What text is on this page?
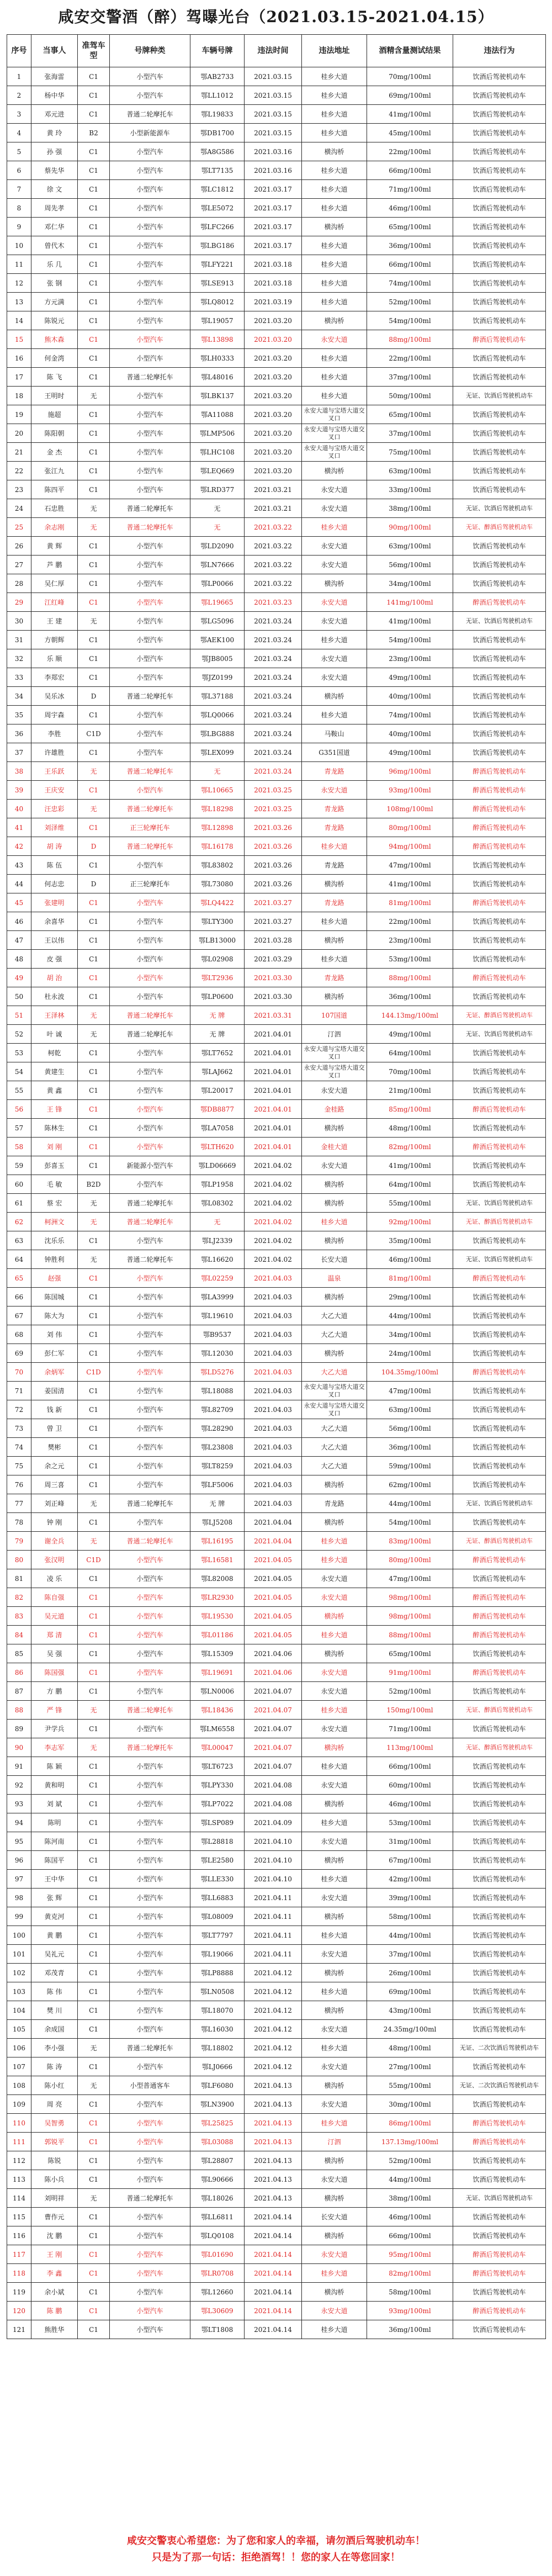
咸安交警酒（醉）驾曝光台（2021.03.15-2021.04.15）
序号	当事人	准驾车型	号牌种类	车辆号牌	违法时间	违法地址	酒精含量测试结果	违法行为
1	张海雷	C1	小型汽车	鄂AB2733	2021.03.15	桂乡大道	70mg/100ml	饮酒后驾驶机动车
2	杨中华	C1	小型汽车	鄂LL1012	2021.03.15	桂乡大道	69mg/100ml	饮酒后驾驶机动车
3	邓元进	C1	普通二轮摩托车	鄂L19833	2021.03.15	桂乡大道	41mg/100ml	饮酒后驾驶机动车
4	黄 玲	B2	小型新能源车	鄂DB1700	2021.03.15	桂乡大道	45mg/100ml	饮酒后驾驶机动车
5	孙 强	C1	小型汽车	鄂A8G586	2021.03.16	横沟桥	22mg/100ml	饮酒后驾驶机动车
6	蔡先华	C1	小型汽车	鄂LT7135	2021.03.16	桂乡大道	66mg/100ml	饮酒后驾驶机动车
7	徐 文	C1	小型汽车	鄂LC1812	2021.03.17	桂乡大道	71mg/100ml	饮酒后驾驶机动车
8	周先孝	C1	小型汽车	鄂LE5072	2021.03.17	桂乡大道	46mg/100ml	饮酒后驾驶机动车
9	邓仁华	C1	小型汽车	鄂LFC266	2021.03.17	横沟桥	65mg/100ml	饮酒后驾驶机动车
10	曾代木	C1	小型汽车	鄂LBG186	2021.03.17	桂乡大道	36mg/100ml	饮酒后驾驶机动车
11	乐 几	C1	小型汽车	鄂LFY221	2021.03.18	桂乡大道	66mg/100ml	饮酒后驾驶机动车
12	张 钢	C1	小型汽车	鄂LSE913	2021.03.18	桂乡大道	74mg/100ml	饮酒后驾驶机动车
13	方元满	C1	小型汽车	鄂LQ8012	2021.03.19	桂乡大道	52mg/100ml	饮酒后驾驶机动车
14	陈锐元	C1	小型汽车	鄂L19057	2021.03.20	横沟桥	54mg/100ml	饮酒后驾驶机动车
15	熊木森	C1	小型汽车	鄂L13898	2021.03.20	永安大道	88mg/100ml	醉酒后驾驶机动车
16	何金湾	C1	小型汽车	鄂LH0333	2021.03.20	桂乡大道	22mg/100ml	饮酒后驾驶机动车
17	陈 飞	C1	普通二轮摩托车	鄂L48016	2021.03.20	桂乡大道	37mg/100ml	饮酒后驾驶机动车
18	王明时	无	小型汽车	鄂LBK137	2021.03.20	桂乡大道	50mg/100ml	无证、饮酒后驾驶机动车
19	施超	C1	小型汽车	鄂A11088	2021.03.20	永安大道与宝塔大道交叉口	65mg/100ml	饮酒后驾驶机动车
20	陈阳朝	C1	小型汽车	鄂LMP506	2021.03.20	永安大道与宝塔大道交叉口	37mg/100ml	饮酒后驾驶机动车
21	金 杰	C1	小型汽车	鄂LHC108	2021.03.20	永安大道与宝塔大道交叉口	75mg/100ml	饮酒后驾驶机动车
22	张江九	C1	小型汽车	鄂LEQ669	2021.03.20	横沟桥	63mg/100ml	饮酒后驾驶机动车
23	陈四平	C1	小型汽车	鄂LRD377	2021.03.21	永安大道	33mg/100ml	饮酒后驾驶机动车
24	石忠胜	无	普通二轮摩托车	无	2021.03.21	永安大道	38mg/100ml	无证、饮酒后驾驶机动车
25	余志刚	无	普通二轮摩托车	无	2021.03.22	桂乡大道	90mg/100ml	无证、醉酒后驾驶机动车
26	黄 辉	C1	小型汽车	鄂LD2090	2021.03.22	永安大道	63mg/100ml	饮酒后驾驶机动车
27	芦 鹏	C1	小型汽车	鄂LN7666	2021.03.22	永安大道	56mg/100ml	饮酒后驾驶机动车
28	吴仁厚	C1	小型汽车	鄂LP0066	2021.03.22	横沟桥	34mg/100ml	饮酒后驾驶机动车
29	江红峰	C1	小型汽车	鄂L19665	2021.03.23	永安大道	141mg/100ml	醉酒后驾驶机动车
30	王 建	无	小型汽车	鄂LG5096	2021.03.24	永安大道	41mg/100ml	无证、饮酒后驾驶机动车
31	方朝辉	C1	小型汽车	鄂AEK100	2021.03.24	桂乡大道	54mg/100ml	饮酒后驾驶机动车
32	乐 顺	C1	小型汽车	鄂JB8005	2021.03.24	永安大道	23mg/100ml	饮酒后驾驶机动车
33	李郑宏	C1	小型汽车	鄂JZ0199	2021.03.24	永安大道	49mg/100ml	饮酒后驾驶机动车
34	吴乐冰	D	普通二轮摩托车	鄂L37188	2021.03.24	横沟桥	40mg/100ml	饮酒后驾驶机动车
35	周宇森	C1	小型汽车	鄂LQ0066	2021.03.24	桂乡大道	74mg/100ml	饮酒后驾驶机动车
36	李胜	C1D	小型汽车	鄂LBG888	2021.03.24	马鞍山	40mg/100ml	饮酒后驾驶机动车
37	许雄胜	C1	小型汽车	鄂LEX099	2021.03.24	G351国道	49mg/100ml	饮酒后驾驶机动车
38	王乐跃	无	普通二轮摩托车	无	2021.03.24	青龙路	96mg/100ml	醉酒后驾驶机动车
39	王庆安	C1	小型汽车	鄂L10665	2021.03.25	永安大道	93mg/100ml	醉酒后驾驶机动车
40	汪忠彩	无	普通二轮摩托车	鄂L18298	2021.03.25	青龙路	108mg/100ml	醉酒后驾驶机动车
41	刘泽维	C1	正三轮摩托车	鄂L12898	2021.03.26	青龙路	80mg/100ml	醉酒后驾驶机动车
42	胡 涛	D	普通二轮摩托车	鄂L16178	2021.03.26	桂乡大道	94mg/100ml	醉酒后驾驶机动车
43	陈 伍	C1	小型汽车	鄂L83802	2021.03.26	青龙路	47mg/100ml	饮酒后驾驶机动车
44	何志忠	D	正三轮摩托车	鄂L73080	2021.03.26	横沟桥	41mg/100ml	饮酒后驾驶机动车
45	张建明	C1	小型汽车	鄂LQ4422	2021.03.27	青龙路	81mg/100ml	醉酒后驾驶机动车
46	余喜华	C1	小型汽车	鄂LTY300	2021.03.27	桂乡大道	22mg/100ml	饮酒后驾驶机动车
47	王以伟	C1	小型汽车	鄂LB13000	2021.03.28	横沟桥	23mg/100ml	饮酒后驾驶机动车
48	皮 强	C1	小型汽车	鄂L02908	2021.03.29	桂乡大道	53mg/100ml	饮酒后驾驶机动车
49	胡 治	C1	小型汽车	鄂LT2936	2021.03.30	青龙路	88mg/100ml	醉酒后驾驶机动车
50	杜永波	C1	小型汽车	鄂LP0600	2021.03.30	横沟桥	36mg/100ml	饮酒后驾驶机动车
51	王泽林	无	普通二轮摩托车	无 牌	2021.03.31	107国道	144.13mg/100ml	无证、醉酒后驾驶机动车
52	叶 诚	无	普通二轮摩托车	无 牌	2021.04.01	汀泗	49mg/100ml	无证、饮酒后驾驶机动车
53	柯乾	C1	小型汽车	鄂LT7652	2021.04.01	永安大道与宝塔大道交叉口	64mg/100ml	饮酒后驾驶机动车
54	黄建生	C1	小型汽车	鄂LAJ662	2021.04.01	永安大道与宝塔大道交叉口	70mg/100ml	饮酒后驾驶机动车
55	黄 鑫	C1	小型汽车	鄂L20017	2021.04.01	永安大道	21mg/100ml	饮酒后驾驶机动车
56	王 锋	C1	小型汽车	鄂DB8877	2021.04.01	金桂路	85mg/100ml	醉酒后驾驶机动车
57	陈林生	C1	小型汽车	鄂LA7058	2021.04.01	横沟桥	48mg/100ml	饮酒后驾驶机动车
58	刘 刚	C1	小型汽车	鄂LTH620	2021.04.01	金桂大道	82mg/100ml	醉酒后驾驶机动车
59	彭喜玉	C1	新能源小型汽车	鄂LD06669	2021.04.02	永安大道	41mg/100ml	饮酒后驾驶机动车
60	毛 敏	B2D	小型汽车	鄂LP1958	2021.04.02	横沟桥	64mg/100ml	饮酒后驾驶机动车
61	蔡 宏	无	普通二轮摩托车	鄂L08302	2021.04.02	横沟桥	55mg/100ml	无证、饮酒后驾驶机动车
62	柯洲文	无	普通二轮摩托车	无	2021.04.02	桂乡大道	92mg/100ml	无证、醉酒后驾驶机动车
63	沈乐乐	C1	小型汽车	鄂LJ2339	2021.04.02	横沟桥	35mg/100ml	饮酒后驾驶机动车
64	钟胜利	无	普通二轮摩托车	鄂L16620	2021.04.02	长安大道	46mg/100ml	无证、饮酒后驾驶机动车
65	赵强	C1	小型汽车	鄂L02259	2021.04.03	温泉	81mg/100ml	醉酒后驾驶机动车
66	陈国城	C1	小型汽车	鄂LA3999	2021.04.03	横沟桥	29mg/100ml	饮酒后驾驶机动车
67	陈大为	C1	小型汽车	鄂L19610	2021.04.03	大乙大道	44mg/100ml	饮酒后驾驶机动车
68	刘 伟	C1	小型汽车	鄂B9537	2021.04.03	大乙大道	34mg/100ml	饮酒后驾驶机动车
69	彭仁军	C1	小型汽车	鄂L12030	2021.04.03	横沟桥	24mg/100ml	饮酒后驾驶机动车
70	余炳军	C1D	小型汽车	鄂LD5276	2021.04.03	大乙大道	104.35mg/100ml	醉酒后驾驶机动车
71	姜国清	C1	小型汽车	鄂L18088	2021.04.03	永安大道与宝塔大道交叉口	47mg/100ml	饮酒后驾驶机动车
72	钱 新	C1	小型汽车	鄂L82709	2021.04.03	永安大道与宝塔大道交叉口	63mg/100ml	饮酒后驾驶机动车
73	曾 卫	C1	小型汽车	鄂L28290	2021.04.03	大乙大道	56mg/100ml	饮酒后驾驶机动车
74	樊彬	C1	小型汽车	鄂L23808	2021.04.03	大乙大道	36mg/100ml	饮酒后驾驶机动车
75	余之元	C1	小型汽车	鄂LT8259	2021.04.03	大乙大道	59mg/100ml	饮酒后驾驶机动车
76	周三喜	C1	小型汽车	鄂LF5006	2021.04.03	横沟桥	62mg/100ml	饮酒后驾驶机动车
77	刘正峰	无	普通二轮摩托车	无 牌	2021.04.03	青龙路	44mg/100ml	无证、饮酒后驾驶机动车
78	钟 刚	C1	小型汽车	鄂LJ5208	2021.04.04	横沟桥	54mg/100ml	饮酒后驾驶机动车
79	谢全兵	无	普通二轮摩托车	鄂L16195	2021.04.04	桂乡大道	83mg/100ml	无证、醉酒后驾驶机动车
80	张汉明	C1D	小型汽车	鄂L16581	2021.04.05	桂乡大道	80mg/100ml	醉酒后驾驶机动车
81	凌 乐	C1	小型汽车	鄂L82008	2021.04.05	永安大道	47mg/100ml	饮酒后驾驶机动车
82	陈自强	C1	小型汽车	鄂LR2930	2021.04.05	永安大道	98mg/100ml	醉酒后驾驶机动车
83	吴元道	C1	小型汽车	鄂L19530	2021.04.05	横沟桥	98mg/100ml	醉酒后驾驶机动车
84	郑 清	C1	小型汽车	鄂L01186	2021.04.05	桂乡大道	88mg/100ml	醉酒后驾驶机动车
85	吴 强	C1	小型汽车	鄂L15309	2021.04.06	横沟桥	65mg/100ml	饮酒后驾驶机动车
86	陈国强	C1	小型汽车	鄂L19691	2021.04.06	永安大道	91mg/100ml	醉酒后驾驶机动车
87	方 鹏	C1	小型汽车	鄂LN0006	2021.04.07	永安大道	52mg/100ml	饮酒后驾驶机动车
88	严 锋	无	普通二轮摩托车	鄂L18436	2021.04.07	桂乡大道	150mg/100ml	无证、醉酒后驾驶机动车
89	尹学兵	C1	小型汽车	鄂LM6558	2021.04.07	永安大道	71mg/100ml	饮酒后驾驶机动车
90	李志军	无	普通二轮摩托车	鄂L00047	2021.04.07	横沟桥	113mg/100ml	无证、醉酒后驾驶机动车
91	陈 颖	C1	小型汽车	鄂LT6723	2021.04.07	桂乡大道	66mg/100ml	饮酒后驾驶机动车
92	黄和明	C1	小型汽车	鄂LPY330	2021.04.08	永安大道	60mg/100ml	饮酒后驾驶机动车
93	刘 斌	C1	小型汽车	鄂LP7022	2021.04.08	横沟桥	46mg/100ml	饮酒后驾驶机动车
94	陈明	C1	小型汽车	鄂LSP089	2021.04.09	桂乡大道	53mg/100ml	饮酒后驾驶机动车
95	陈河南	C1	小型汽车	鄂L28818	2021.04.10	永安大道	31mg/100ml	饮酒后驾驶机动车
96	陈国平	C1	小型汽车	鄂LE2580	2021.04.10	横沟桥	67mg/100ml	饮酒后驾驶机动车
97	王中华	C1	小型汽车	鄂LLE330	2021.04.10	桂乡大道	42mg/100ml	饮酒后驾驶机动车
98	张 辉	C1	小型汽车	鄂LL6883	2021.04.11	永安大道	39mg/100ml	饮酒后驾驶机动车
99	黄克河	C1	小型汽车	鄂L08009	2021.04.11	横沟桥	58mg/100ml	饮酒后驾驶机动车
100	黄 鹏	C1	小型汽车	鄂LT7797	2021.04.11	桂乡大道	44mg/100ml	饮酒后驾驶机动车
101	吴礼元	C1	小型汽车	鄂L19066	2021.04.11	永安大道	37mg/100ml	饮酒后驾驶机动车
102	邓茂青	C1	小型汽车	鄂LP8888	2021.04.12	横沟桥	26mg/100ml	饮酒后驾驶机动车
103	陈 伟	C1	小型汽车	鄂LN0508	2021.04.12	桂乡大道	69mg/100ml	饮酒后驾驶机动车
104	樊 川	C1	小型汽车	鄂L18070	2021.04.12	横沟桥	43mg/100ml	饮酒后驾驶机动车
105	余成国	C1	小型汽车	鄂L16030	2021.04.12	永安大道	24.35mg/100ml	饮酒后驾驶机动车
106	李小强	无	普通二轮摩托车	鄂L18802	2021.04.12	桂乡大道	48mg/100ml	无证、二次饮酒后驾驶机动车
107	陈 涛	C1	小型汽车	鄂LJ0666	2021.04.12	永安大道	27mg/100ml	饮酒后驾驶机动车
108	陈小红	无	小型普通客车	鄂LF6080	2021.04.13	横沟桥	55mg/100ml	无证、二次饮酒后驾驶机动车
109	周 亮	C1	小型汽车	鄂LN3900	2021.04.13	永安大道	30mg/100ml	饮酒后驾驶机动车
110	吴智勇	C1	小型汽车	鄂L25825	2021.04.13	桂乡大道	86mg/100ml	醉酒后驾驶机动车
111	郭锐平	C1	小型汽车	鄂L03088	2021.04.13	汀泗	137.13mg/100ml	醉酒后驾驶机动车
112	陈锐	C1	小型汽车	鄂L28807	2021.04.13	横沟桥	52mg/100ml	饮酒后驾驶机动车
113	陈小兵	C1	小型汽车	鄂L90666	2021.04.13	永安大道	44mg/100ml	饮酒后驾驶机动车
114	刘明祥	无	普通二轮摩托车	鄂L18026	2021.04.13	横沟桥	38mg/100ml	无证、饮酒后驾驶机动车
115	曹作元	C1	小型汽车	鄂LL6811	2021.04.14	长安大道	46mg/100ml	饮酒后驾驶机动车
116	沈 鹏	C1	小型汽车	鄂LQ0108	2021.04.14	横沟桥	66mg/100ml	饮酒后驾驶机动车
117	王 刚	C1	小型汽车	鄂L01690	2021.04.14	永安大道	95mg/100ml	醉酒后驾驶机动车
118	李 鑫	C1	小型汽车	鄂LR0708	2021.04.14	桂乡大道	82mg/100ml	醉酒后驾驶机动车
119	余小斌	C1	小型汽车	鄂L12660	2021.04.14	横沟桥	58mg/100ml	饮酒后驾驶机动车
120	陈 鹏	C1	小型汽车	鄂L30609	2021.04.14	永安大道	93mg/100ml	醉酒后驾驶机动车
121	熊胜华	C1	小型汽车	鄂LT1808	2021.04.14	桂乡大道	36mg/100ml	饮酒后驾驶机动车
咸安交警衷心希望您：为了您和家人的幸福，请勿酒后驾驶机动车！
只是为了那一句话：拒绝酒驾！！您的家人在等您回家！
